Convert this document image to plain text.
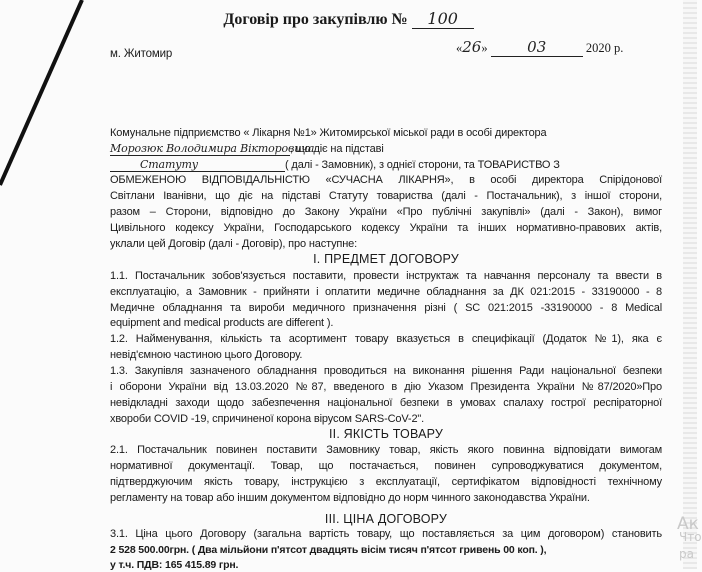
Договір про закупівлю № 100
м. Житомир	«26»	03	2020 р.
Комунальне підприємство « Лікарня №1» Житомирської міської ради в особі директора
Морозюк Володимира Вікторовича, що діє на підставі
Статуту	( далі - Замовник), з однієї сторони, та ТОВАРИСТВО З
ОБМЕЖЕНОЮ ВІДПОВІДАЛЬНІСТЮ «СУЧАСНА ЛІКАРНЯ», в особі директора Спірідонової
Світлани Іванівни, що діє на підставі Статуту товариства (далі - Постачальник), з іншої сторони,
разом – Сторони, відповідно до Закону України «Про публічні закупівлі» (далі - Закон), вимог
Цивільного кодексу України, Господарського кодексу України та інших нормативно-правових актів,
уклали цей Договір (далі - Договір), про наступне:
І. ПРЕДМЕТ ДОГОВОРУ
1.1. Постачальник зобов'язується поставити, провести інструктаж та навчання персоналу та ввести в
експлуатацію, а Замовник - прийняти і оплатити медичне обладнання за ДК 021:2015 - 33190000 - 8
Медичне обладнання та вироби медичного призначення різні ( SC 021:2015 -33190000 - 8 Medical
equipment and medical products are different ).
1.2. Найменування, кількість та асортимент товару вказується в специфікації (Додаток №1), яка є
невід'ємною частиною цього Договору.
1.3. Закупівля зазначеного обладнання проводиться на виконання рішення Ради національної безпеки
і оборони України від 13.03.2020 №87, введеного в дію Указом Президента України №87/2020»Про
невідкладні заходи щодо забезпечення національної безпеки в умовах спалаху гострої респіраторної
хвороби COVID -19, спричиненої корона вірусом SARS-CoV-2".
ІІ. ЯКІСТЬ ТОВАРУ
2.1. Постачальник повинен поставити Замовнику товар, якість якого повинна відповідати вимогам
нормативної документації. Товар, що постачається, повинен супроводжуватися документом,
підтверджуючим якість товару, інструкцією з експлуатації, сертифікатом відповідності технічному
регламенту на товар або іншим документом відповідно до норм чинного законодавства України.
ІІІ. ЦІНА ДОГОВОРУ
3.1. Ціна цього Договору (загальна вартість товару, що поставляється за цим договором) становить
2 528 500.00грн. ( Два мільйони п'ятсот двадцять вісім тисяч п'ятсот гривень 00 коп. ),
у т.ч. ПДВ: 165 415.89 грн.
Ак
Что
ра
